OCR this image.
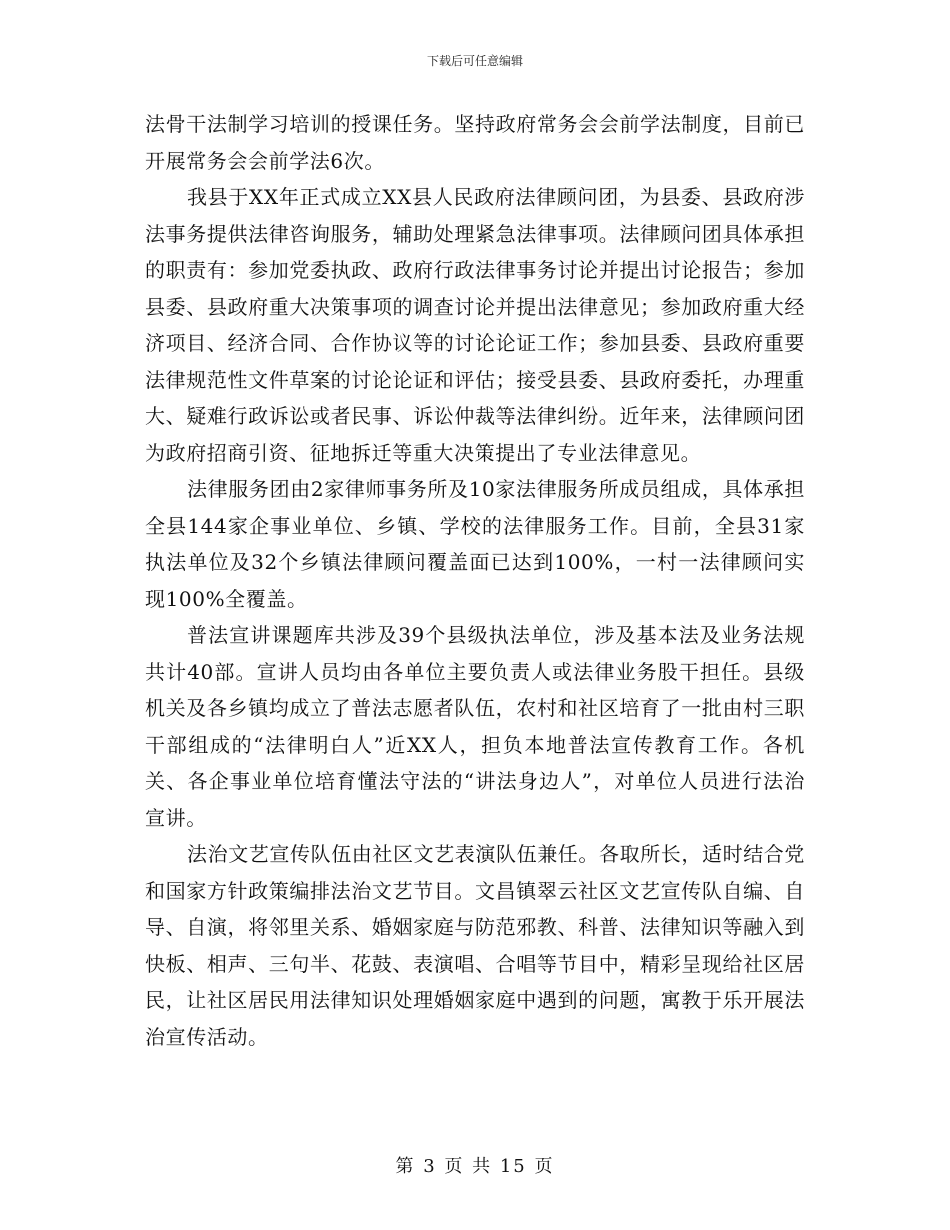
下载后可任意编辑

法骨干法制学习培训的授课任务。坚持政府常务会会前学法制度，目前已开展常务会会前学法6次。

我县于XX年正式成立XX县人民政府法律顾问团，为县委、县政府涉法事务提供法律咨询服务，辅助处理紧急法律事项。法律顾问团具体承担的职责有：参加党委执政、政府行政法律事务讨论并提出讨论报告；参加县委、县政府重大决策事项的调查讨论并提出法律意见；参加政府重大经济项目、经济合同、合作协议等的讨论论证工作；参加县委、县政府重要法律规范性文件草案的讨论论证和评估；接受县委、县政府委托，办理重大、疑难行政诉讼或者民事、诉讼仲裁等法律纠纷。近年来，法律顾问团为政府招商引资、征地拆迁等重大决策提出了专业法律意见。

法律服务团由2家律师事务所及10家法律服务所成员组成，具体承担全县144家企事业单位、乡镇、学校的法律服务工作。目前，全县31家执法单位及32个乡镇法律顾问覆盖面已达到100%，一村一法律顾问实现100%全覆盖。

普法宣讲课题库共涉及39个县级执法单位，涉及基本法及业务法规共计40部。宣讲人员均由各单位主要负责人或法律业务股干担任。县级机关及各乡镇均成立了普法志愿者队伍，农村和社区培育了一批由村三职干部组成的“法律明白人”近XX人，担负本地普法宣传教育工作。各机关、各企事业单位培育懂法守法的“讲法身边人”，对单位人员进行法治宣讲。

法治文艺宣传队伍由社区文艺表演队伍兼任。各取所长，适时结合党和国家方针政策编排法治文艺节目。文昌镇翠云社区文艺宣传队自编、自导、自演，将邻里关系、婚姻家庭与防范邪教、科普、法律知识等融入到快板、相声、三句半、花鼓、表演唱、合唱等节目中，精彩呈现给社区居民，让社区居民用法律知识处理婚姻家庭中遇到的问题，寓教于乐开展法治宣传活动。

第 3 页 共 15 页
